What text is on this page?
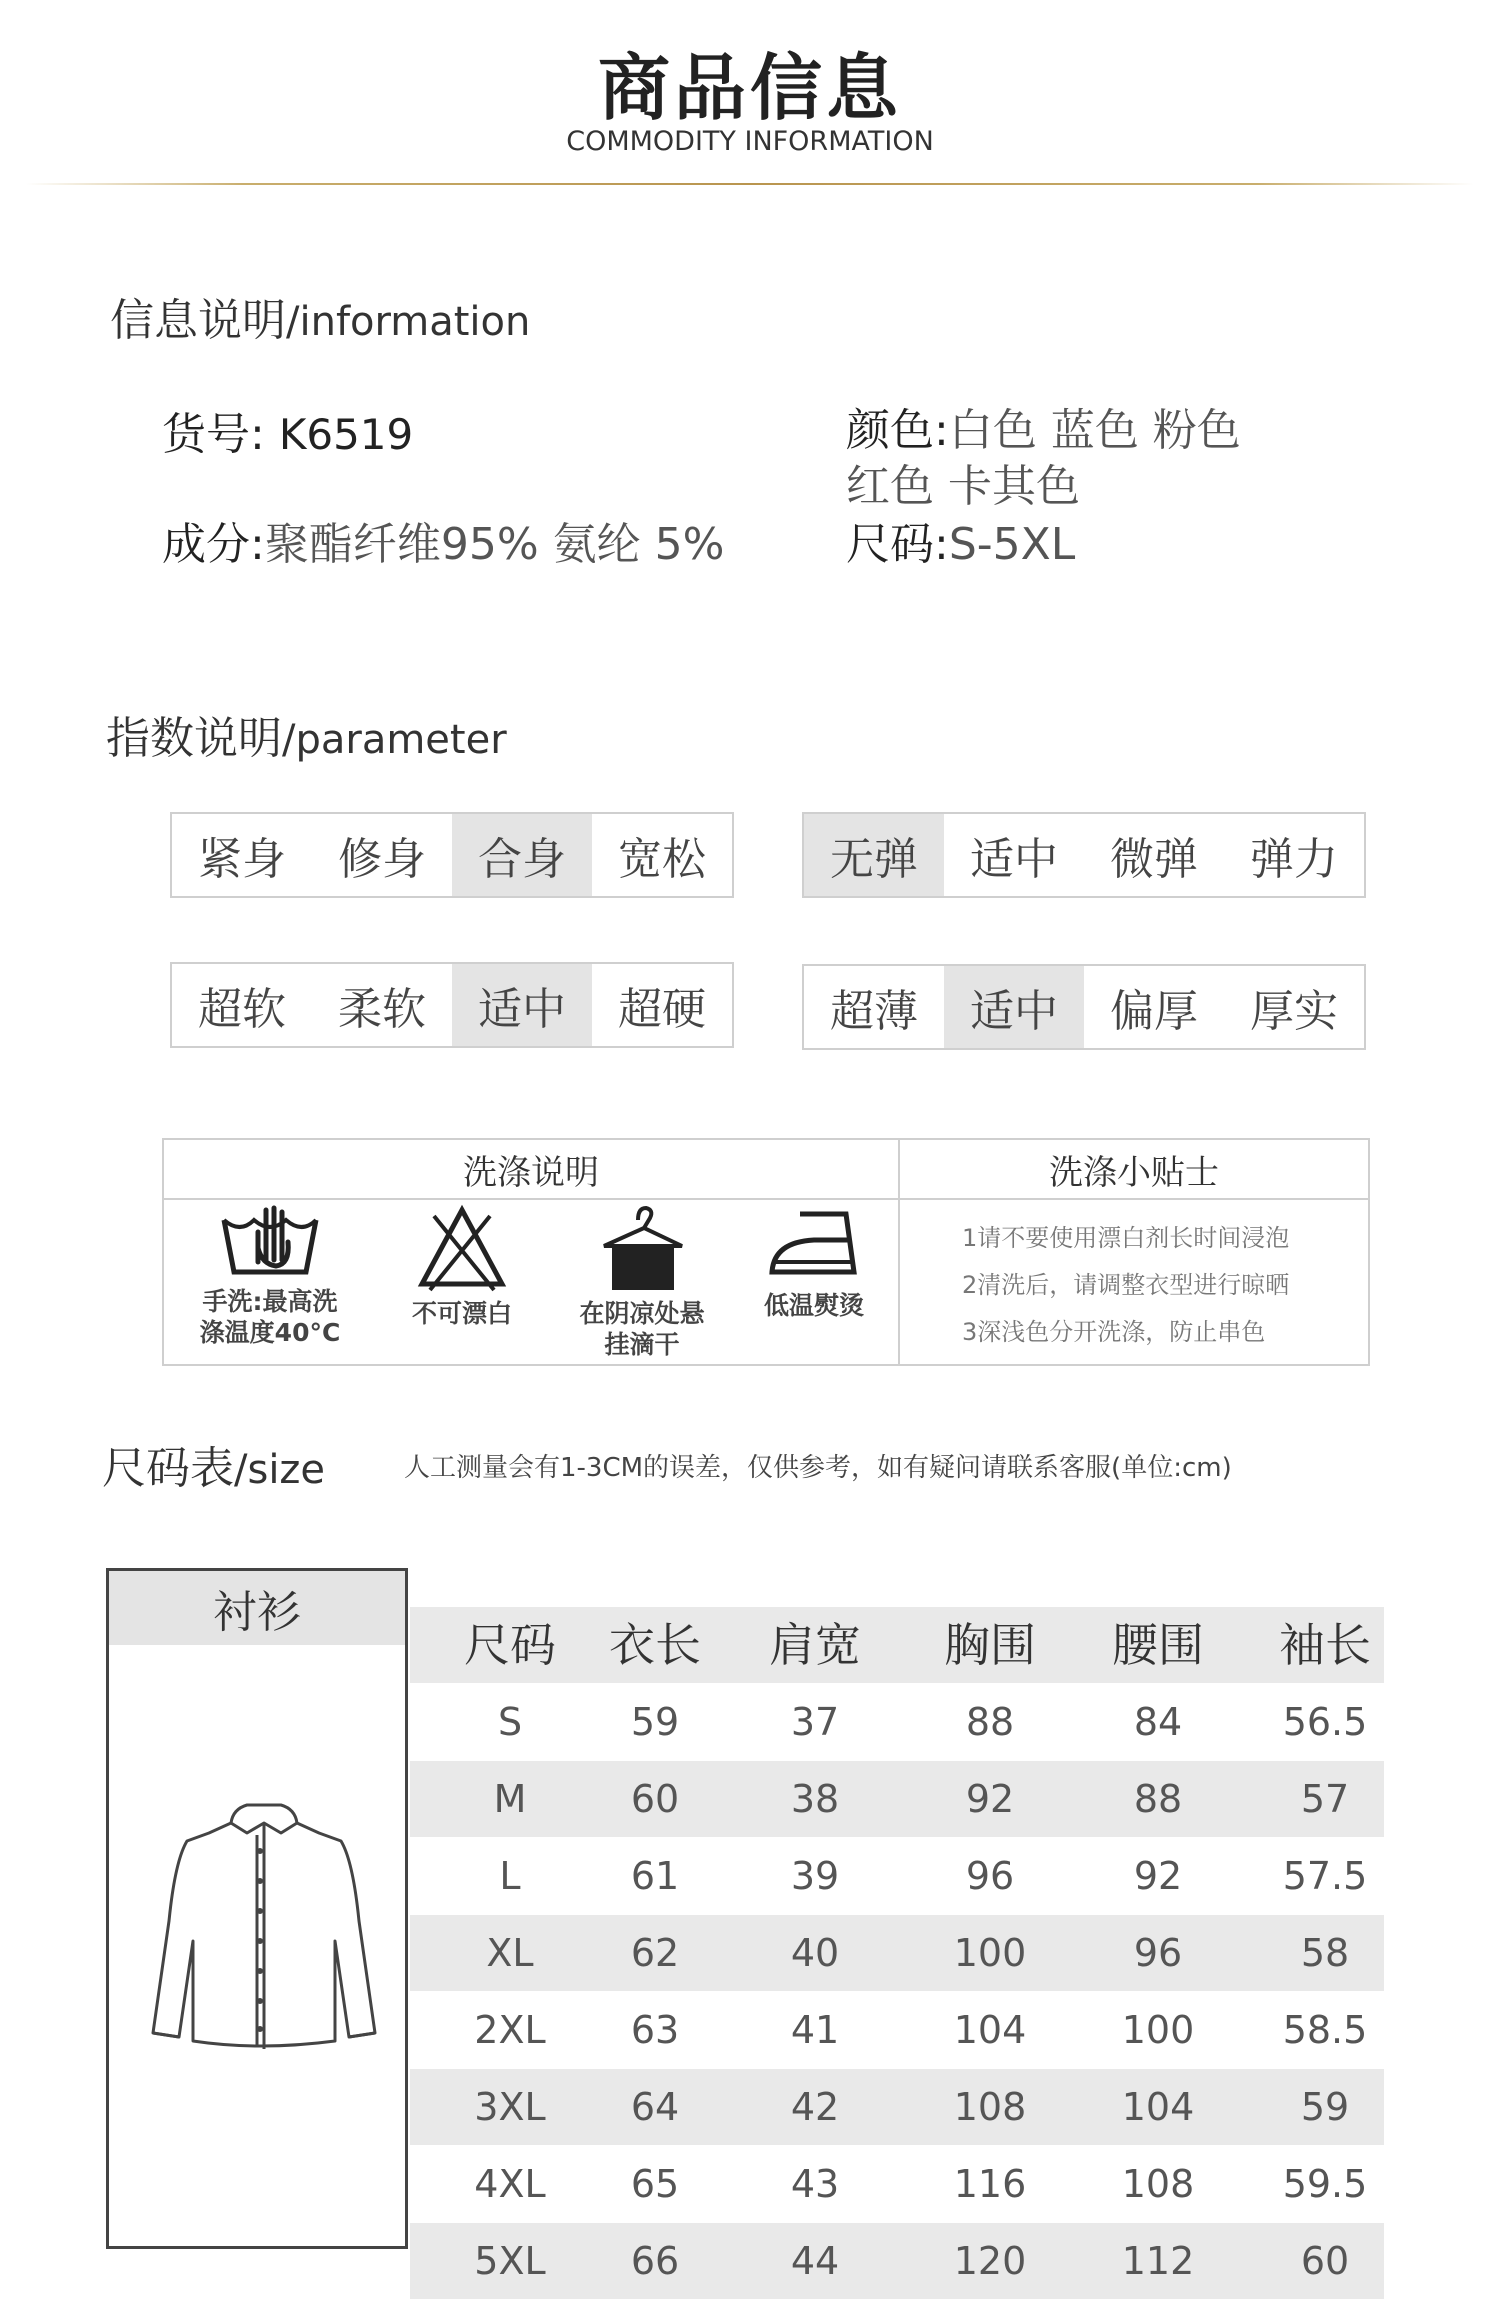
商品信息
COMMODITY INFORMATION
信息说明/information
货号: K6519
成分:聚酯纤维95% 氨纶 5%
颜色:白色 蓝色 粉色
红色 卡其色
尺码:S-5XL
指数说明/parameter
紧身	修身	合身	宽松	无弹	适中	微弹	弹力
超软	柔软	适中	超硬	超薄	适中	偏厚	厚实
洗涤说明	洗涤小贴士
手洗:最高洗
涤温度40°C
不可漂白	在阴凉处悬
挂滴干
低温熨烫
1请不要使用漂白剂长时间浸泡
2清洗后，请调整衣型进行晾晒
3深浅色分开洗涤，防止串色
尺码表/size	人工测量会有1-3CM的误差，仅供参考，如有疑问请联系客服(单位:cm)
衬衫
尺码	衣长	肩宽	胸围	腰围	袖长
S	59	37	88	84	56.5
M	60	38	92	88	57
L	61	39	96	92	57.5
XL	62	40	100	96	58
2XL	63	41	104	100	58.5
3XL	64	42	108	104	59
4XL	65	43	116	108	59.5
5XL	66	44	120	112	60
